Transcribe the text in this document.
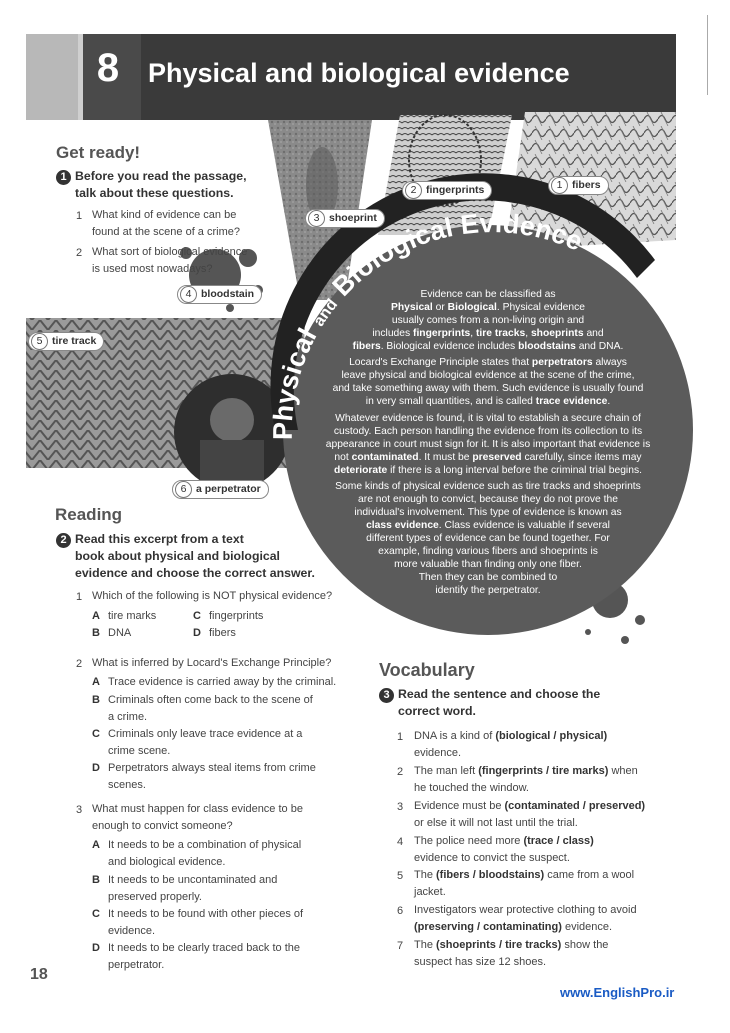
8	Physical and biological evidence
Physical and Biological Evidence
Evidence can be classified as
Physical or Biological. Physical evidence
usually comes from a non-living origin and
includes fingerprints, tire tracks, shoeprints and
fibers. Biological evidence includes bloodstains and DNA.
Locard's Exchange Principle states that perpetrators always
leave physical and biological evidence at the scene of the crime,
and take something away with them. Such evidence is usually found
in very small quantities, and is called trace evidence.
Whatever evidence is found, it is vital to establish a secure chain of
custody. Each person handling the evidence from its collection to its
appearance in court must sign for it. It is also important that evidence is
not contaminated. It must be preserved carefully, since items may
deteriorate if there is a long interval before the criminal trial begins.
Some kinds of physical evidence such as tire tracks and shoeprints
are not enough to convict, because they do not prove the
individual's involvement. This type of evidence is known as
class evidence. Class evidence is valuable if several
different types of evidence can be found together. For
example, finding various fibers and shoeprints is
more valuable than finding only one fiber.
Then they can be combined to
identify the perpetrator.
1 fibers
2 fingerprints
3 shoeprint
4 bloodstain
5 tire track
6 a perpetrator
Get ready!
1 Before you read the passage,
talk about these questions.
1 What kind of evidence can be
found at the scene of a crime?
2 What sort of biological evidence
is used most nowadays?
Reading
2 Read this excerpt from a text
book about physical and biological
evidence and choose the correct answer.
1 Which of the following is NOT physical evidence?
A tire marks	C fingerprints
B DNA	D fibers
2 What is inferred by Locard's Exchange Principle?
A Trace evidence is carried away by the criminal.
B Criminals often come back to the scene of
a crime.
C Criminals only leave trace evidence at a
crime scene.
D Perpetrators always steal items from crime
scenes.
3 What must happen for class evidence to be
enough to convict someone?
A It needs to be a combination of physical
and biological evidence.
B It needs to be uncontaminated and
preserved properly.
C It needs to be found with other pieces of
evidence.
D It needs to be clearly traced back to the
perpetrator.
Vocabulary
3 Read the sentence and choose the
correct word.
1 DNA is a kind of (biological / physical)
evidence.
2 The man left (fingerprints / tire marks) when
he touched the window.
3 Evidence must be (contaminated / preserved)
or else it will not last until the trial.
4 The police need more (trace / class)
evidence to convict the suspect.
5 The (fibers / bloodstains) came from a wool
jacket.
6 Investigators wear protective clothing to avoid
(preserving / contaminating) evidence.
7 The (shoeprints / tire tracks) show the
suspect has size 12 shoes.
18
www.EnglishPro.ir
